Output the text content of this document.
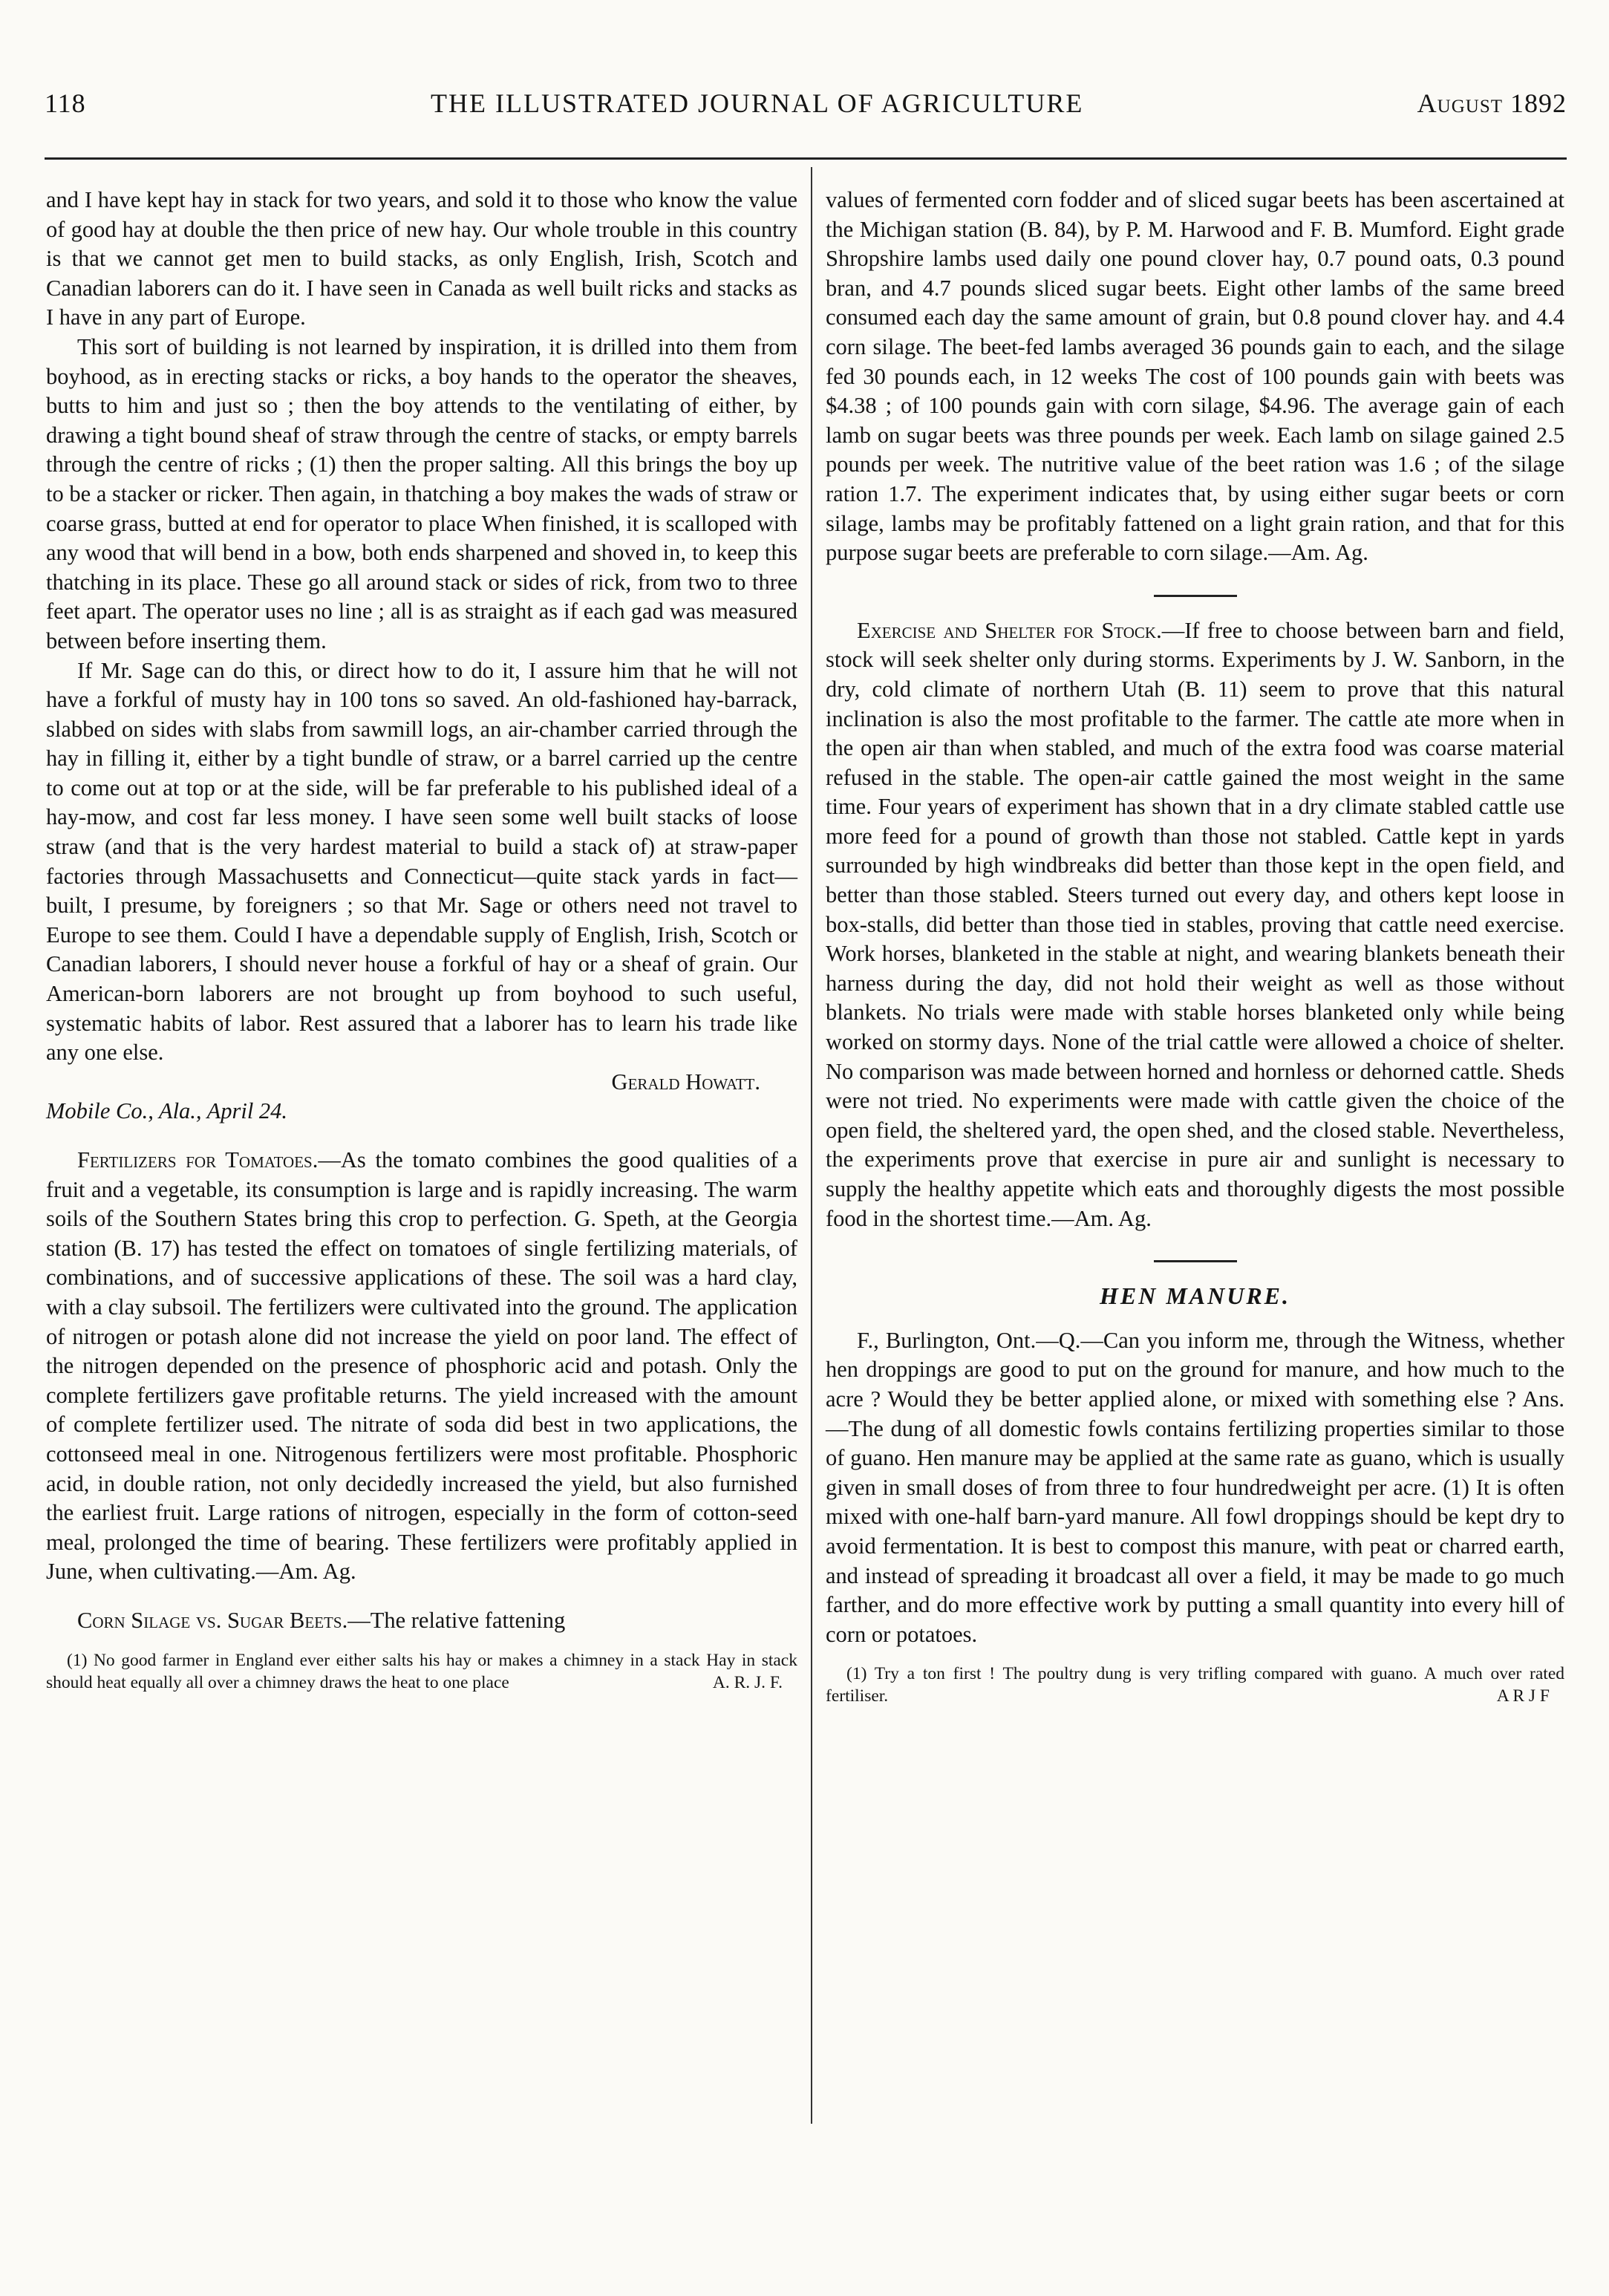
118	THE ILLUSTRATED JOURNAL OF AGRICULTURE	August 1892

and I have kept hay in stack for two years, and sold it to those who know the value of good hay at double the then price of new hay. Our whole trouble in this country is that we cannot get men to build stacks, as only English, Irish, Scotch and Canadian laborers can do it. I have seen in Canada as well built ricks and stacks as I have in any part of Europe.

This sort of building is not learned by inspiration, it is drilled into them from boyhood, as in erecting stacks or ricks, a boy hands to the operator the sheaves, butts to him and just so ; then the boy attends to the ventilating of either, by drawing a tight bound sheaf of straw through the centre of stacks, or empty barrels through the centre of ricks ; (1) then the proper salting. All this brings the boy up to be a stacker or ricker. Then again, in thatching a boy makes the wads of straw or coarse grass, butted at end for operator to place When finished, it is scalloped with any wood that will bend in a bow, both ends sharpened and shoved in, to keep this thatching in its place. These go all around stack or sides of rick, from two to three feet apart. The operator uses no line ; all is as straight as if each gad was measured between before inserting them.

If Mr. Sage can do this, or direct how to do it, I assure him that he will not have a forkful of musty hay in 100 tons so saved. An old-fashioned hay-barrack, slabbed on sides with slabs from sawmill logs, an air-chamber carried through the hay in filling it, either by a tight bundle of straw, or a barrel carried up the centre to come out at top or at the side, will be far preferable to his published ideal of a hay-mow, and cost far less money. I have seen some well built stacks of loose straw (and that is the very hardest material to build a stack of) at straw-paper factories through Massachusetts and Connecticut—quite stack yards in fact—built, I presume, by foreigners ; so that Mr. Sage or others need not travel to Europe to see them. Could I have a dependable supply of English, Irish, Scotch or Canadian laborers, I should never house a forkful of hay or a sheaf of grain. Our American-born laborers are not brought up from boyhood to such useful, systematic habits of labor. Rest assured that a laborer has to learn his trade like any one else.

Gerald Howatt.

Mobile Co., Ala., April 24.

Fertilizers for Tomatoes.—As the tomato combines the good qualities of a fruit and a vegetable, its consumption is large and is rapidly increasing. The warm soils of the Southern States bring this crop to perfection. G. Speth, at the Georgia station (B. 17) has tested the effect on tomatoes of single fertilizing materials, of combinations, and of successive applications of these. The soil was a hard clay, with a clay subsoil. The fertilizers were cultivated into the ground. The application of nitrogen or potash alone did not increase the yield on poor land. The effect of the nitrogen depended on the presence of phosphoric acid and potash. Only the complete fertilizers gave profitable returns. The yield increased with the amount of complete fertilizer used. The nitrate of soda did best in two applications, the cottonseed meal in one. Nitrogenous fertilizers were most profitable. Phosphoric acid, in double ration, not only decidedly increased the yield, but also furnished the earliest fruit. Large rations of nitrogen, especially in the form of cotton-seed meal, prolonged the time of bearing. These fertilizers were profitably applied in June, when cultivating.—Am. Ag.

Corn Silage vs. Sugar Beets.—The relative fattening

(1) No good farmer in England ever either salts his hay or makes a chimney in a stack Hay in stack should heat equally all over a chimney draws the heat to one place	A. R. J. F.

values of fermented corn fodder and of sliced sugar beets has been ascertained at the Michigan station (B. 84), by P. M. Harwood and F. B. Mumford. Eight grade Shropshire lambs used daily one pound clover hay, 0.7 pound oats, 0.3 pound bran, and 4.7 pounds sliced sugar beets. Eight other lambs of the same breed consumed each day the same amount of grain, but 0.8 pound clover hay. and 4.4 corn silage. The beet-fed lambs averaged 36 pounds gain to each, and the silage fed 30 pounds each, in 12 weeks The cost of 100 pounds gain with beets was $4.38 ; of 100 pounds gain with corn silage, $4.96. The average gain of each lamb on sugar beets was three pounds per week. Each lamb on silage gained 2.5 pounds per week. The nutritive value of the beet ration was 1.6 ; of the silage ration 1.7. The experiment indicates that, by using either sugar beets or corn silage, lambs may be profitably fattened on a light grain ration, and that for this purpose sugar beets are preferable to corn silage.—Am. Ag.

Exercise and Shelter for Stock.—If free to choose between barn and field, stock will seek shelter only during storms. Experiments by J. W. Sanborn, in the dry, cold climate of northern Utah (B. 11) seem to prove that this natural inclination is also the most profitable to the farmer. The cattle ate more when in the open air than when stabled, and much of the extra food was coarse material refused in the stable. The open-air cattle gained the most weight in the same time. Four years of experiment has shown that in a dry climate stabled cattle use more feed for a pound of growth than those not stabled. Cattle kept in yards surrounded by high windbreaks did better than those kept in the open field, and better than those stabled. Steers turned out every day, and others kept loose in box-stalls, did better than those tied in stables, proving that cattle need exercise. Work horses, blanketed in the stable at night, and wearing blankets beneath their harness during the day, did not hold their weight as well as those without blankets. No trials were made with stable horses blanketed only while being worked on stormy days. None of the trial cattle were allowed a choice of shelter. No comparison was made between horned and hornless or dehorned cattle. Sheds were not tried. No experiments were made with cattle given the choice of the open field, the sheltered yard, the open shed, and the closed stable. Nevertheless, the experiments prove that exercise in pure air and sunlight is necessary to supply the healthy appetite which eats and thoroughly digests the most possible food in the shortest time.—Am. Ag.

HEN MANURE.

F., Burlington, Ont.—Q.—Can you inform me, through the Witness, whether hen droppings are good to put on the ground for manure, and how much to the acre ? Would they be better applied alone, or mixed with something else ? Ans. —The dung of all domestic fowls contains fertilizing properties similar to those of guano. Hen manure may be applied at the same rate as guano, which is usually given in small doses of from three to four hundredweight per acre. (1) It is often mixed with one-half barn-yard manure. All fowl droppings should be kept dry to avoid fermentation. It is best to compost this manure, with peat or charred earth, and instead of spreading it broadcast all over a field, it may be made to go much farther, and do more effective work by putting a small quantity into every hill of corn or potatoes.

(1) Try a ton first ! The poultry dung is very trifling compared with guano. A much over rated fertiliser.	A R J F
